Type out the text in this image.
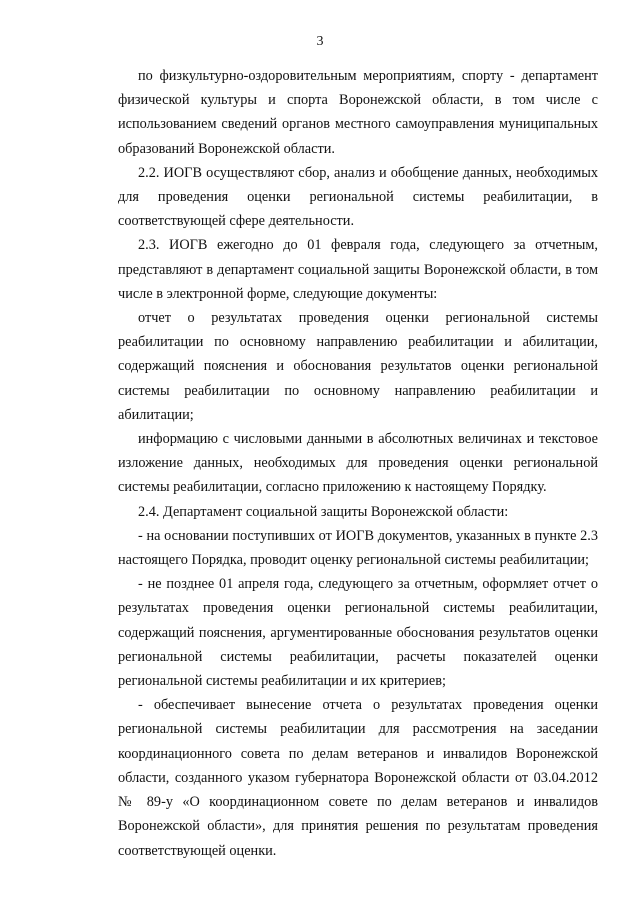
3

по физкультурно-оздоровительным мероприятиям, спорту - департамент физической культуры и спорта Воронежской области, в том числе с использованием сведений органов местного самоуправления муниципальных образований Воронежской области.

2.2. ИОГВ осуществляют сбор, анализ и обобщение данных, необходимых для проведения оценки региональной системы реабилитации, в соответствующей сфере деятельности.

2.3. ИОГВ ежегодно до 01 февраля года, следующего за отчетным, представляют в департамент социальной защиты Воронежской области, в том числе в электронной форме, следующие документы:

отчет о результатах проведения оценки региональной системы реабилитации по основному направлению реабилитации и абилитации, содержащий пояснения и обоснования результатов оценки региональной системы реабилитации по основному направлению реабилитации и абилитации;

информацию с числовыми данными в абсолютных величинах и текстовое изложение данных, необходимых для проведения оценки региональной системы реабилитации, согласно приложению к настоящему Порядку.

2.4. Департамент социальной защиты Воронежской области:

- на основании поступивших от ИОГВ документов, указанных в пункте 2.3 настоящего Порядка, проводит оценку региональной системы реабилитации;

- не позднее 01 апреля года, следующего за отчетным, оформляет отчет о результатах проведения оценки региональной системы реабилитации, содержащий пояснения, аргументированные обоснования результатов оценки региональной системы реабилитации, расчеты показателей оценки региональной системы реабилитации и их критериев;

- обеспечивает вынесение отчета о результатах проведения оценки региональной системы реабилитации для рассмотрения на заседании координационного совета по делам ветеранов и инвалидов Воронежской области, созданного указом губернатора Воронежской области от 03.04.2012 № 89-у «О координационном совете по делам ветеранов и инвалидов Воронежской области», для принятия решения по результатам проведения соответствующей оценки.
